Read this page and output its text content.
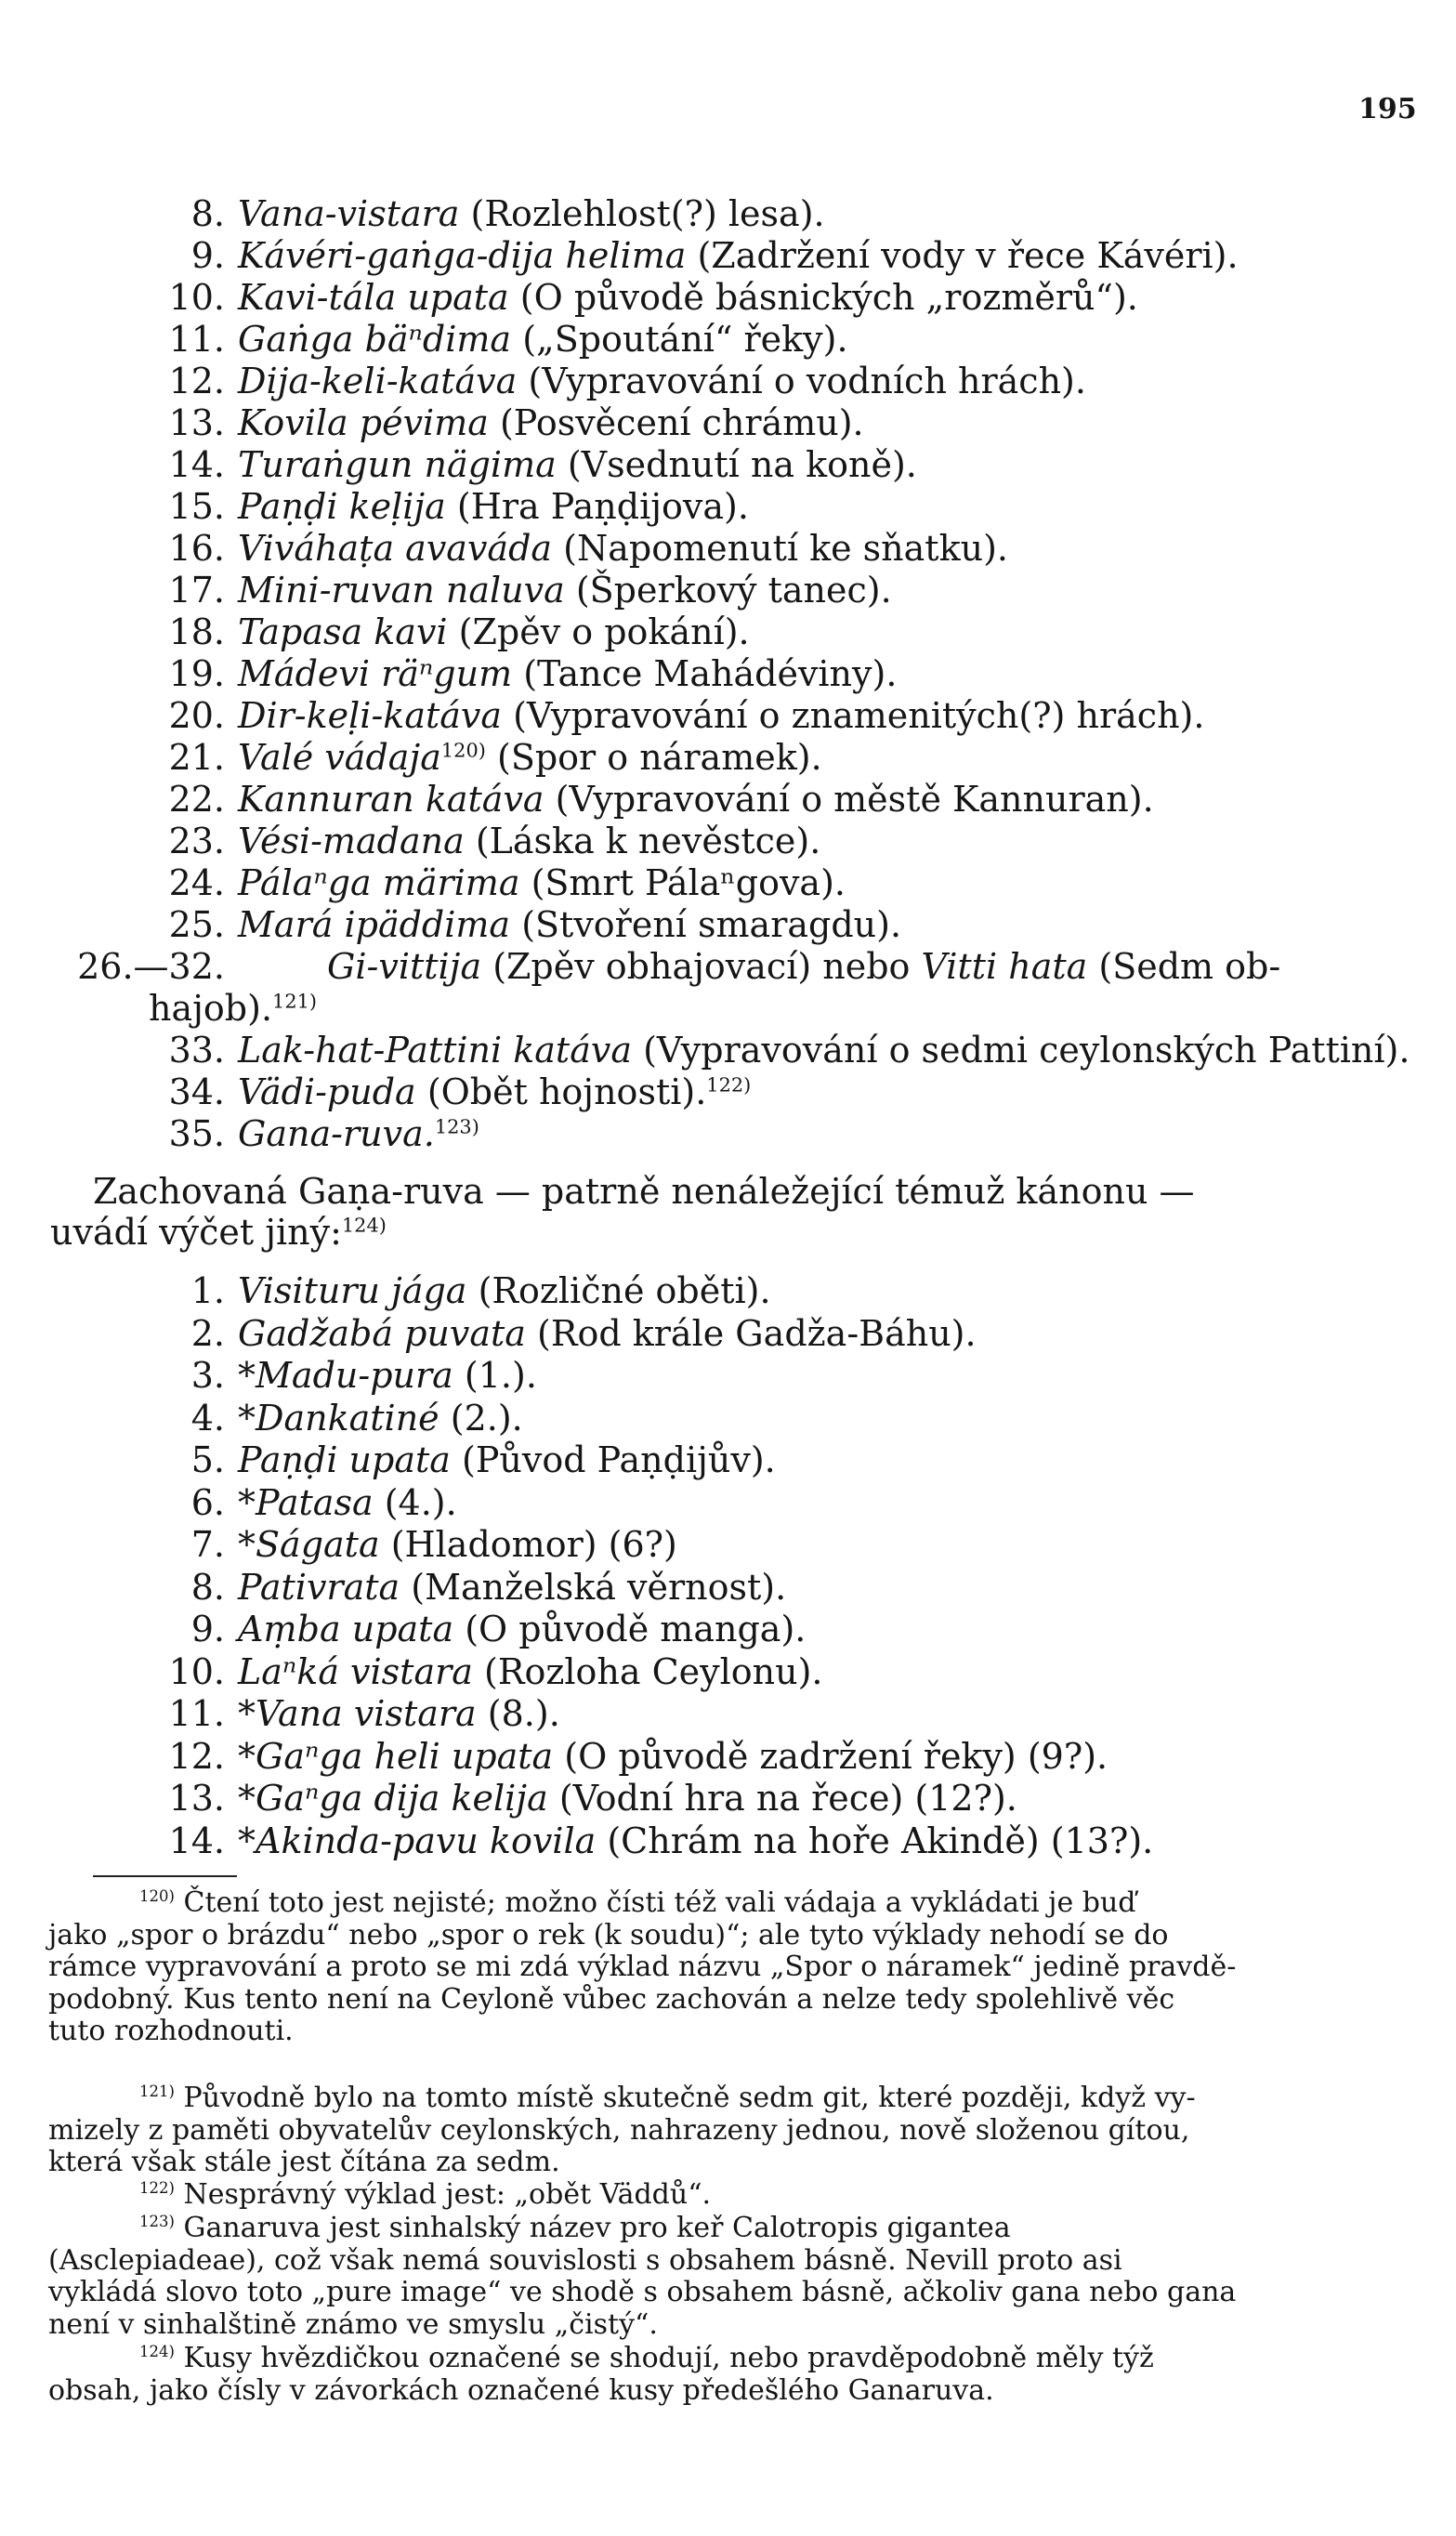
195
8. Vana-vistara (Rozlehlost(?) lesa).
9. Kávéri-gaṅga-dija helima (Zadržení vody v řece Kávéri).
10. Kavi-tála upata (O původě básnických „rozměrů“).
11. Gaṅga bäⁿdima („Spoutání“ řeky).
12. Dija-keli-katáva (Vypravování o vodních hrách).
13. Kovila pévima (Posvěcení chrámu).
14. Turaṅgun nägima (Vsednutí na koně).
15. Paṇḍi keḷija (Hra Paṇḍijova).
16. Viváhaṭa avaváda (Napomenutí ke sňatku).
17. Mini-ruvan naluva (Šperkový tanec).
18. Tapasa kavi (Zpěv o pokání).
19. Mádevi räⁿgum (Tance Mahádéviny).
20. Dir-keḷi-katáva (Vypravování o znamenitých(?) hrách).
21. Valé vádaja$^{120)}$ (Spor o náramek).
22. Kannuran katáva (Vypravování o městě Kannuran).
23. Vési-madana (Láska k nevěstce).
24. Pálaⁿga märima (Smrt Pálaⁿgova).
25. Mará ipäddima (Stvoření smaragdu).
26.—32.	Gi-vittija (Zpěv obhajovací) nebo Vitti hata (Sedm ob-
hajob).$^{121)}$
33. Lak-hat-Pattini katáva (Vypravování o sedmi ceylonských Pattiní).
34. Vädi-puda (Obět hojnosti).$^{122)}$
35. Gana-ruva.$^{123)}$
Zachovaná Gaṇa-ruva — patrně nenáležející témuž kánonu —
uvádí výčet jiný:$^{124)}$
1. Visituru jága (Rozličné oběti).
2. Gadžabá puvata (Rod krále Gadža-Báhu).
3. *Madu-pura (1.).
4. *Dankatiné (2.).
5. Paṇḍi upata (Původ Paṇḍijův).
6. *Patasa (4.).
7. *Ságata (Hladomor) (6?)
8. Pativrata (Manželská věrnost).
9. Aṃba upata (O původě manga).
10. Laⁿká vistara (Rozloha Ceylonu).
11. *Vana vistara (8.).
12. *Gaⁿga heli upata (O původě zadržení řeky) (9?).
13. *Gaⁿga dija kelija (Vodní hra na řece) (12?).
14. *Akinda-pavu kovila (Chrám na hoře Akindě) (13?).
$^{120)}$ Čtení toto jest nejisté; možno čísti též vali vádaja a vykládati je buď
jako „spor o brázdu“ nebo „spor o rek (k soudu)“; ale tyto výklady nehodí se do
rámce vypravování a proto se mi zdá výklad názvu „Spor o náramek“ jedině pravdě-
podobný. Kus tento není na Ceyloně vůbec zachován a nelze tedy spolehlivě věc
tuto rozhodnouti.
$^{121)}$ Původně bylo na tomto místě skutečně sedm git, které později, když vy-
mizely z paměti obyvatelův ceylonských, nahrazeny jednou, nově složenou gítou,
která však stále jest čítána za sedm.
$^{122)}$ Nesprávný výklad jest: „obět Väddů“.
$^{123)}$ Ganaruva jest sinhalský název pro keř Calotropis gigantea
(Asclepiadeae), což však nemá souvislosti s obsahem básně. Nevill proto asi
vykládá slovo toto „pure image“ ve shodě s obsahem básně, ačkoliv gana nebo gana
není v sinhalštině známo ve smyslu „čistý“.
$^{124)}$ Kusy hvězdičkou označené se shodují, nebo pravděpodobně měly týž
obsah, jako čísly v závorkách označené kusy předešlého Ganaruva.
